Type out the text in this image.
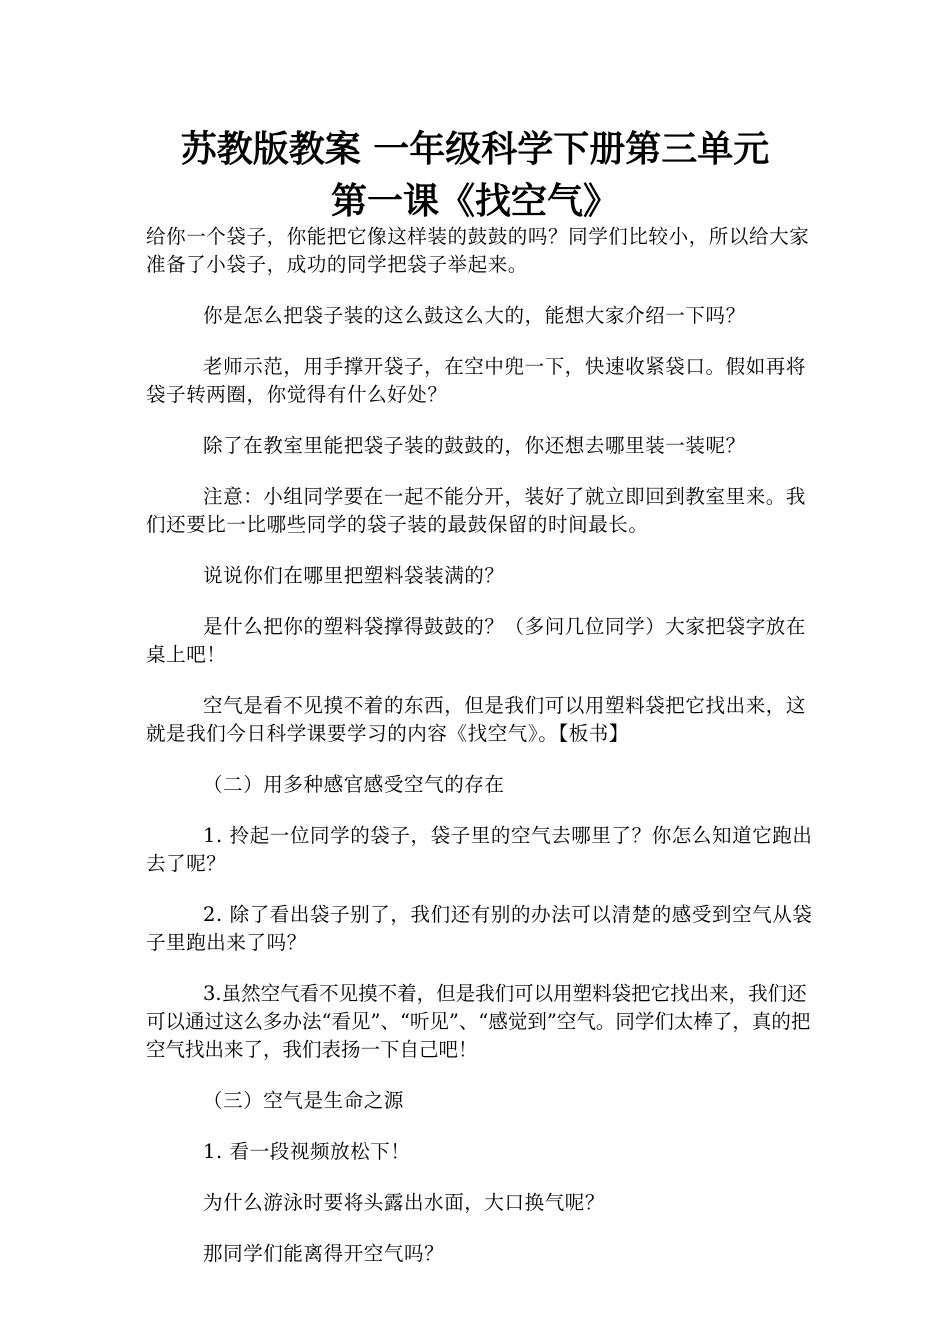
苏教版教案 一年级科学下册第三单元
第一课《找空气》

给你一个袋子，你能把它像这样装的鼓鼓的吗？同学们比较小，所以给大家准备了小袋子，成功的同学把袋子举起来。

你是怎么把袋子装的这么鼓这么大的，能想大家介绍一下吗？

老师示范，用手撑开袋子，在空中兜一下，快速收紧袋口。假如再将袋子转两圈，你觉得有什么好处？

除了在教室里能把袋子装的鼓鼓的，你还想去哪里装一装呢？

注意：小组同学要在一起不能分开，装好了就立即回到教室里来。我们还要比一比哪些同学的袋子装的最鼓保留的时间最长。

说说你们在哪里把塑料袋装满的？

是什么把你的塑料袋撑得鼓鼓的？（多问几位同学）大家把袋字放在桌上吧！

空气是看不见摸不着的东西，但是我们可以用塑料袋把它找出来，这就是我们今日科学课要学习的内容《找空气》。【板书】

（二）用多种感官感受空气的存在

1. 拎起一位同学的袋子，袋子里的空气去哪里了？你怎么知道它跑出去了呢？

2. 除了看出袋子别了，我们还有别的办法可以清楚的感受到空气从袋子里跑出来了吗？

3.虽然空气看不见摸不着，但是我们可以用塑料袋把它找出来，我们还可以通过这么多办法“看见”、“听见”、“感觉到”空气。同学们太棒了，真的把空气找出来了，我们表扬一下自己吧！

（三）空气是生命之源

1. 看一段视频放松下！

为什么游泳时要将头露出水面，大口换气呢？

那同学们能离得开空气吗？
